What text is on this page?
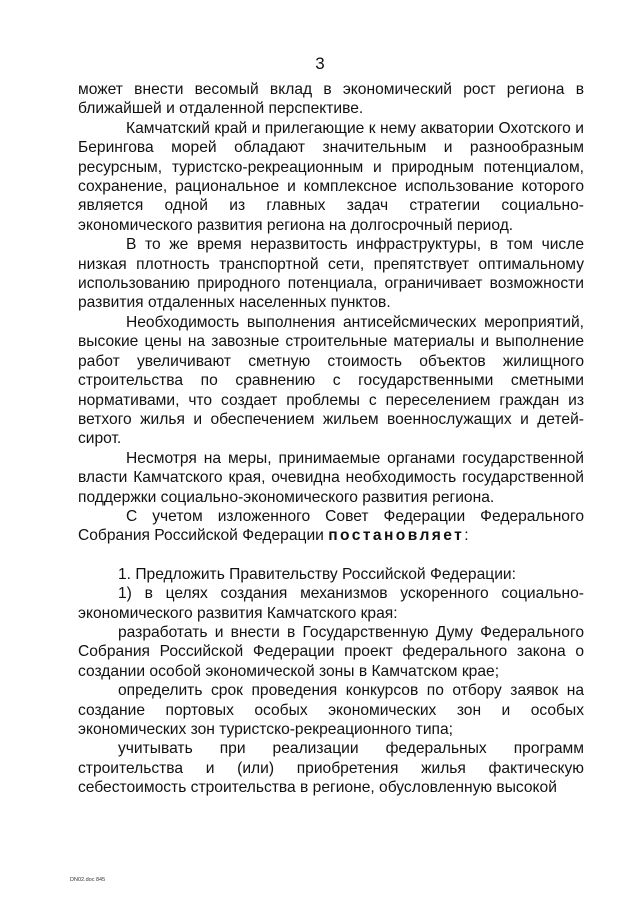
3

может внести весомый вклад в экономический рост региона в ближайшей и отдаленной перспективе.

Камчатский край и прилегающие к нему акватории Охотского и Берингова морей обладают значительным и разнообразным ресурсным, туристско-рекреационным и природным потенциалом, сохранение, рациональное и комплексное использование которого является одной из главных задач стратегии социально-экономического развития региона на долгосрочный период.

В то же время неразвитость инфраструктуры, в том числе низкая плотность транспортной сети, препятствует оптимальному использованию природного потенциала, ограничивает возможности развития отдаленных населенных пунктов.

Необходимость выполнения антисейсмических мероприятий, высокие цены на завозные строительные материалы и выполнение работ увеличивают сметную стоимость объектов жилищного строительства по сравнению с государственными сметными нормативами, что создает проблемы с переселением граждан из ветхого жилья и обеспечением жильем военнослужащих и детей-сирот.

Несмотря на меры, принимаемые органами государственной власти Камчатского края, очевидна необходимость государственной поддержки социально-экономического развития региона.

С учетом изложенного Совет Федерации Федерального Собрания Российской Федерации постановляет:

1. Предложить Правительству Российской Федерации:

1) в целях создания механизмов ускоренного социально-экономического развития Камчатского края:

разработать и внести в Государственную Думу Федерального Собрания Российской Федерации проект федерального закона о создании особой экономической зоны в Камчатском крае;

определить срок проведения конкурсов по отбору заявок на создание портовых особых экономических зон и особых экономических зон туристско-рекреационного типа;

учитывать при реализации федеральных программ строительства и (или) приобретения жилья фактическую себестоимость строительства в регионе, обусловленную высокой

DN02.doc 845
